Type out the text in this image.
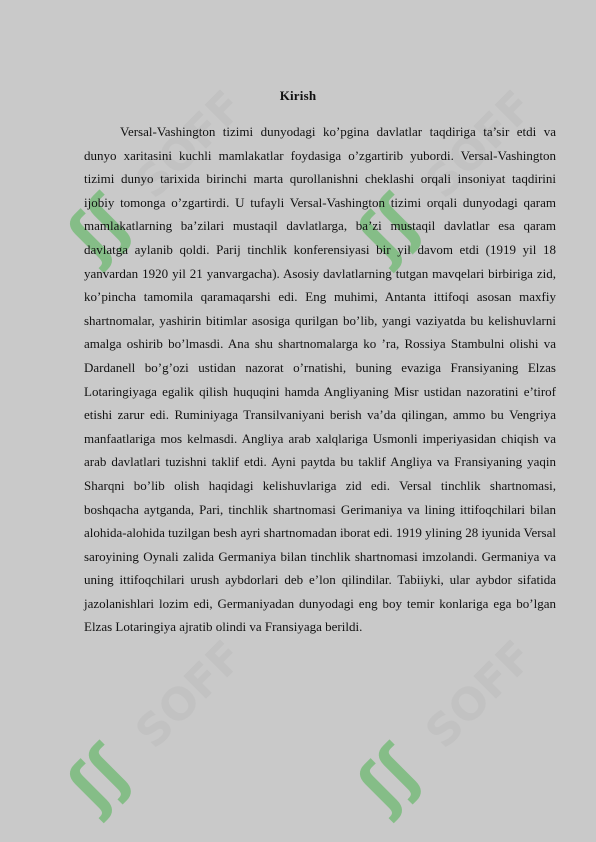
ʃʃ
SOFF
ʃʃ
SOFF
ʃʃ
SOFF
ʃʃ
SOFF
Kirish

Versal-Vashington tizimi dunyodagi ko’pgina davlatlar taqdiriga ta’sir etdi va dunyo xaritasini kuchli mamlakatlar foydasiga o’zgartirib yubordi. Versal-Vashington tizimi dunyo tarixida birinchi marta qurollanishni cheklashi orqali insoniyat taqdirini ijobiy tomonga o’zgartirdi. U tufayli Versal-Vashington tizimi orqali dunyodagi qaram mamlakatlarning ba’zilari mustaqil davlatlarga, ba’zi mustaqil davlatlar esa qaram davlatga aylanib qoldi. Parij tinchlik konferensiyasi bir yil davom etdi (1919 yil 18 yanvardan 1920 yil 21 yanvargacha). Asosiy davlatlarning tutgan mavqelari birbiriga zid, ko’pincha tamomila qaramaqarshi edi. Eng muhimi, Antanta ittifoqi asosan maxfiy shartnomalar, yashirin bitimlar asosiga qurilgan bo’lib, yangi vaziyatda bu kelishuvlarni amalga oshirib bo’lmasdi. Ana shu shartnomalarga ko ’ra, Rossiya Stambulni olishi va Dardanell bo’g’ozi ustidan nazorat o’rnatishi, buning evaziga Fransiyaning Elzas Lotaringiyaga egalik qilish huquqini hamda Angliyaning Misr ustidan nazoratini e’tirof etishi zarur edi. Ruminiyaga Transilvaniyani berish va’da qilingan, ammo bu Vengriya manfaatlariga mos kelmasdi. Angliya arab xalqlariga Usmonli imperiyasidan chiqish va arab davlatlari tuzishni taklif etdi. Ayni paytda bu taklif Angliya va Fransiyaning yaqin Sharqni bo’lib olish haqidagi kelishuvlariga zid edi. Versal tinchlik shartnomasi, boshqacha aytganda, Pari, tinchlik shartnomasi Gerimaniya va lining ittifoqchilari bilan alohida-alohida tuzilgan besh ayri shartnomadan iborat edi. 1919 ylining 28 iyunida Versal saroyining Oynali zalida Germaniya bilan tinchlik shartnomasi imzolandi. Germaniya va uning ittifoqchilari urush aybdorlari deb e’lon qilindilar. Tabiiyki, ular aybdor sifatida jazolanishlari lozim edi, Germaniyadan dunyodagi eng boy temir konlariga ega bo’lgan Elzas Lotaringiya ajratib olindi va Fransiyaga berildi.
